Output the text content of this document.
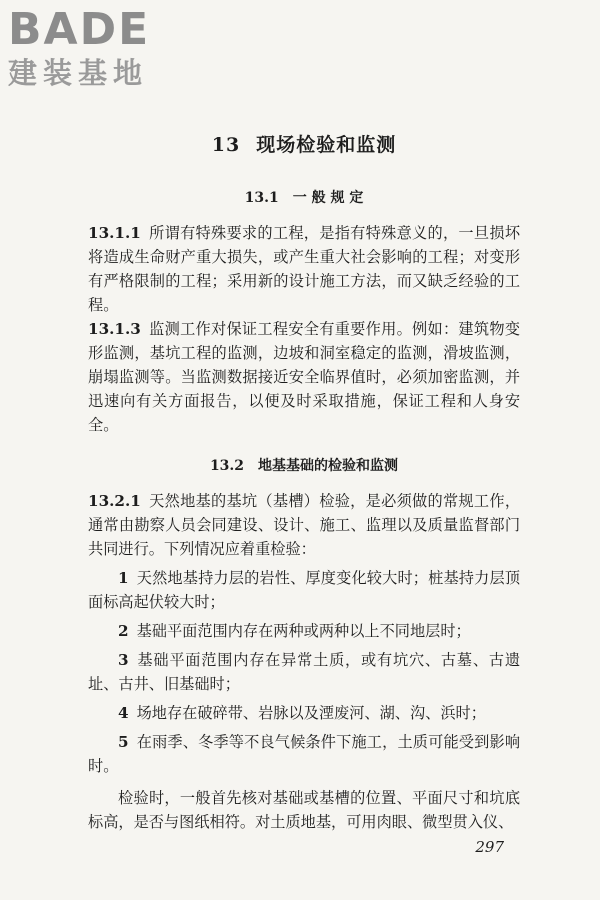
BADE
建装基地
13 现场检验和监测
13.1 一 般 规 定

13.1.1 所谓有特殊要求的工程，是指有特殊意义的，一旦损坏将造成生命财产重大损失，或产生重大社会影响的工程；对变形有严格限制的工程；采用新的设计施工方法，而又缺乏经验的工程。

13.1.3 监测工作对保证工程安全有重要作用。例如：建筑物变形监测，基坑工程的监测，边坡和洞室稳定的监测，滑坡监测，崩塌监测等。当监测数据接近安全临界值时，必须加密监测，并迅速向有关方面报告，以便及时采取措施，保证工程和人身安全。

13.2 地基基础的检验和监测

13.2.1 天然地基的基坑（基槽）检验，是必须做的常规工作，通常由勘察人员会同建设、设计、施工、监理以及质量监督部门共同进行。下列情况应着重检验：

1 天然地基持力层的岩性、厚度变化较大时；桩基持力层顶面标高起伏较大时；

2 基础平面范围内存在两种或两种以上不同地层时；

3 基础平面范围内存在异常土质，或有坑穴、古墓、古遗址、古井、旧基础时；

4 场地存在破碎带、岩脉以及湮废河、湖、沟、浜时；

5 在雨季、冬季等不良气候条件下施工，土质可能受到影响时。

检验时，一般首先核对基础或基槽的位置、平面尺寸和坑底标高，是否与图纸相符。对土质地基，可用肉眼、微型贯入仪、

297
